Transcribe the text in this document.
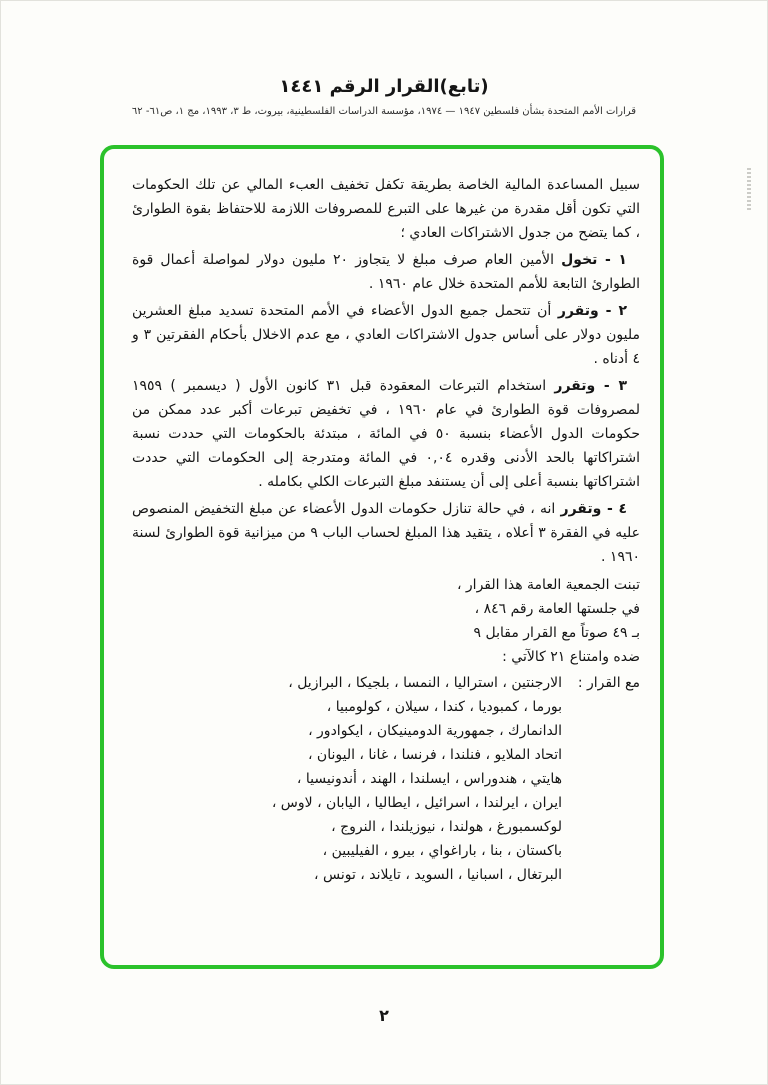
(تابع)القرار الرقم ١٤٤١
قرارات الأمم المتحدة بشأن فلسطين ١٩٤٧ — ١٩٧٤، مؤسسة الدراسات الفلسطينية، بيروت، ط ٣، ١٩٩٣، مج ١، ص٦١- ٦٢

سبيل المساعدة المالية الخاصة بطريقة تكفل تخفيف العبء المالي عن تلك الحكومات التي تكون أقل مقدرة من غيرها على التبرع للمصروفات اللازمة للاحتفاظ بقوة الطوارئ ، كما يتضح من جدول الاشتراكات العادي ؛

١ - تخول الأمين العام صرف مبلغ لا يتجاوز ٢٠ مليون دولار لمواصلة أعمال قوة الطوارئ التابعة للأمم المتحدة خلال عام ١٩٦٠ .

٢ - وتقرر أن تتحمل جميع الدول الأعضاء في الأمم المتحدة تسديد مبلغ العشرين مليون دولار على أساس جدول الاشتراكات العادي ، مع عدم الاخلال بأحكام الفقرتين ٣ و ٤ أدناه .

٣ - وتقرر استخدام التبرعات المعقودة قبل ٣١ كانون الأول ( ديسمبر ) ١٩٥٩ لمصروفات قوة الطوارئ في عام ١٩٦٠ ، في تخفيض تبرعات أكبر عدد ممكن من حكومات الدول الأعضاء بنسبة ٥٠ في المائة ، مبتدئة بالحكومات التي حددت نسبة اشتراكاتها بالحد الأدنى وقدره ٠,٠٤ في المائة ومتدرجة إلى الحكومات التي حددت اشتراكاتها بنسبة أعلى إلى أن يستنفد مبلغ التبرعات الكلي بكامله .

٤ - وتقرر انه ، في حالة تنازل حكومات الدول الأعضاء عن مبلغ التخفيض المنصوص عليه في الفقرة ٣ أعلاه ، يتقيد هذا المبلغ لحساب الباب ٩ من ميزانية قوة الطوارئ لسنة ١٩٦٠ .

تبنت الجمعية العامة هذا القرار ،
في جلستها العامة رقم ٨٤٦ ،
بـ ٤٩ صوتاً مع القرار مقابل ٩
ضده وامتناع ٢١ كالآتي :
مع القرار :
الارجنتين ، استراليا ، النمسا ، بلجيكا ، البرازيل ،
بورما ، كمبوديا ، كندا ، سيلان ، كولومبيا ،
الدانمارك ، جمهورية الدومينيكان ، ايكوادور ،
اتحاد الملايو ، فنلندا ، فرنسا ، غانا ، اليونان ،
هايتي ، هندوراس ، ايسلندا ، الهند ، أندونيسيا ،
ايران ، ايرلندا ، اسرائيل ، ايطاليا ، اليابان ، لاوس ،
لوكسمبورغ ، هولندا ، نيوزيلندا ، النروج ،
باكستان ، بنا ، باراغواي ، بيرو ، الفيليبين ،
البرتغال ، اسبانيا ، السويد ، تايلاند ، تونس ،
٢
